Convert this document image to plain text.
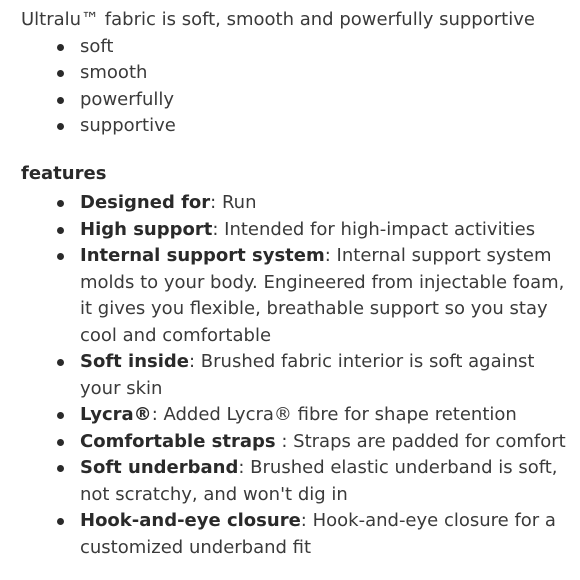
Ultralu™ fabric is soft, smooth and powerfully supportive

soft
smooth
powerfully
supportive
features
Designed for: Run
High support: Intended for high-impact activities
Internal support system: Internal support system molds to your body. Engineered from injectable foam, it gives you flexible, breathable support so you stay cool and comfortable
Soft inside: Brushed fabric interior is soft against your skin
Lycra®: Added Lycra® fibre for shape retention
Comfortable straps : Straps are padded for comfort
Soft underband: Brushed elastic underband is soft, not scratchy, and won't dig in
Hook-and-eye closure: Hook-and-eye closure for a customized underband fit
